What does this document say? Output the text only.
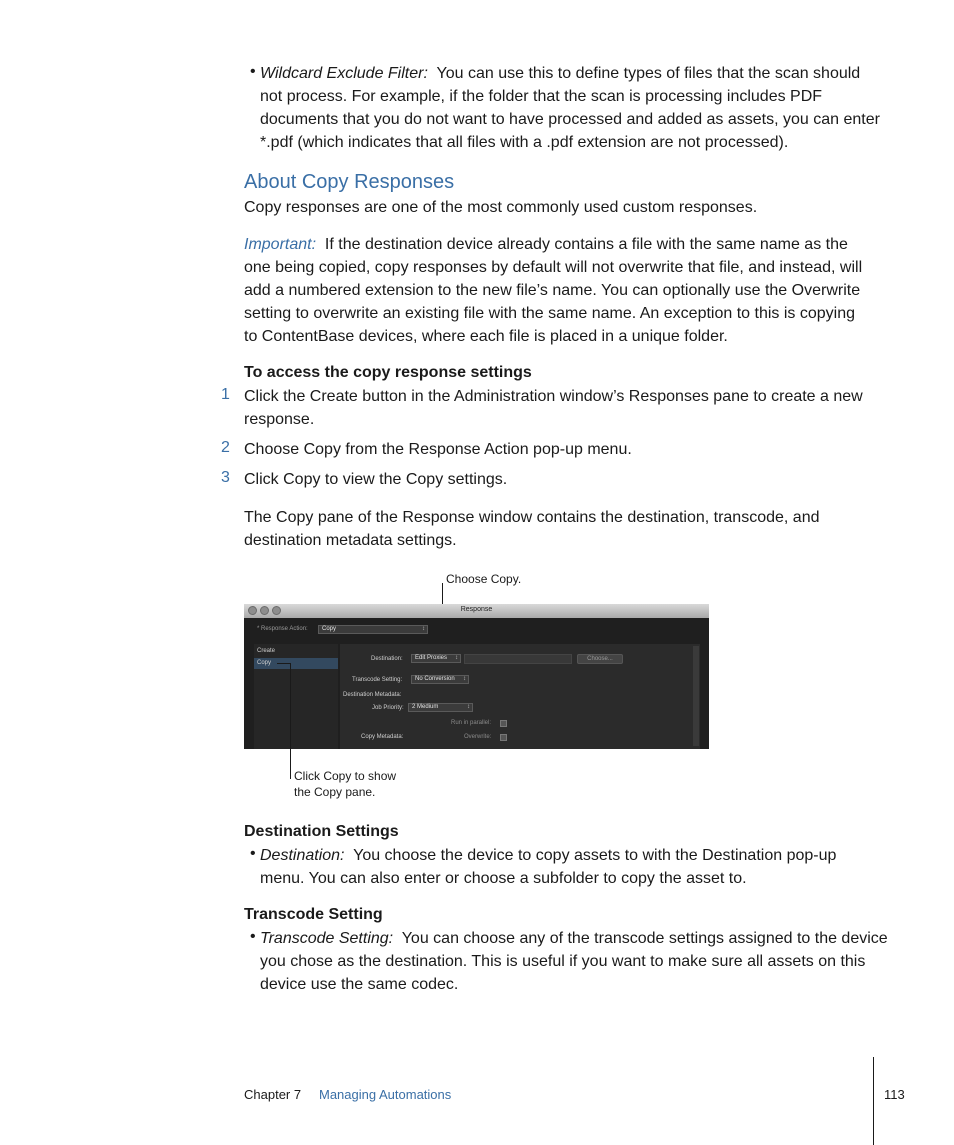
• Wildcard Exclude Filter: You can use this to define types of files that the scan should
not process. For example, if the folder that the scan is processing includes PDF
documents that you do not want to have processed and added as assets, you can enter
*.pdf (which indicates that all files with a .pdf extension are not processed).
About Copy Responses
Copy responses are one of the most commonly used custom responses.
Important: If the destination device already contains a file with the same name as the
one being copied, copy responses by default will not overwrite that file, and instead, will
add a numbered extension to the new file’s name. You can optionally use the Overwrite
setting to overwrite an existing file with the same name. An exception to this is copying
to ContentBase devices, where each file is placed in a unique folder.
To access the copy response settings
1 Click the Create button in the Administration window’s Responses pane to create a new
response.
2 Choose Copy from the Response Action pop-up menu.
3 Click Copy to view the Copy settings.
The Copy pane of the Response window contains the destination, transcode, and
destination metadata settings.
Choose Copy.
Response
* Response Action:	Copy ↕
Create
Copy
Destination:	Edit Proxies ↕	Choose...
Transcode Setting:	No Conversion ↕
Destination Metadata:
Job Priority:	2 Medium ↕
Run in parallel:
Copy Metadata:	Overwrite:
Click Copy to show
the Copy pane.
Destination Settings
• Destination: You choose the device to copy assets to with the Destination pop-up
menu. You can also enter or choose a subfolder to copy the asset to.
Transcode Setting
• Transcode Setting: You can choose any of the transcode settings assigned to the device
you chose as the destination. This is useful if you want to make sure all assets on this
device use the same codec.
Chapter 7 Managing Automations	113
